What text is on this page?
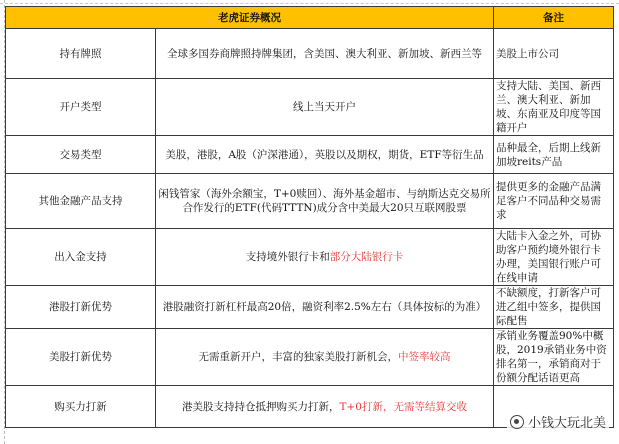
老虎证券概况		备注
持有牌照	全球多国券商牌照持牌集团，含美国、澳大利亚、新加坡、新西兰等	美股上市公司
开户类型	线上当天开户	支持大陆、美国、新西兰、澳大利亚、新加坡、东南亚及印度等国籍开户
交易类型	美股，港股，A股（沪深港通），英股以及期权，期货，ETF等衍生品	品种最全，后期上线新加坡reits产品
其他金融产品支持	闲钱管家（海外余额宝，T+0赎回）、海外基金超市、与纳斯达克交易所合作发行的ETF(代码TTTN)成分含中美最大20只互联网股票	提供更多的金融产品满足客户不同品种交易需求
出入金支持	支持境外银行卡和部分大陆银行卡	大陆卡入金之外，可协助客户预约境外银行卡办理，美国银行账户可在线申请
港股打新优势	港股融资打新杠杆最高20倍，融资利率2.5%左右（具体按标的为准）	不缺额度，打新客户可进乙组中签多，提供国际配售
美股打新优势	无需重新开户，丰富的独家美股打新机会，中签率较高	承销业务覆盖90%中概股，2019承销业务中资排名第一，承销商对于份额分配话语更高
购买力打新	港美股支持持仓抵押购买力打新，T+0打新，无需等结算交收	
小钱大玩北美
